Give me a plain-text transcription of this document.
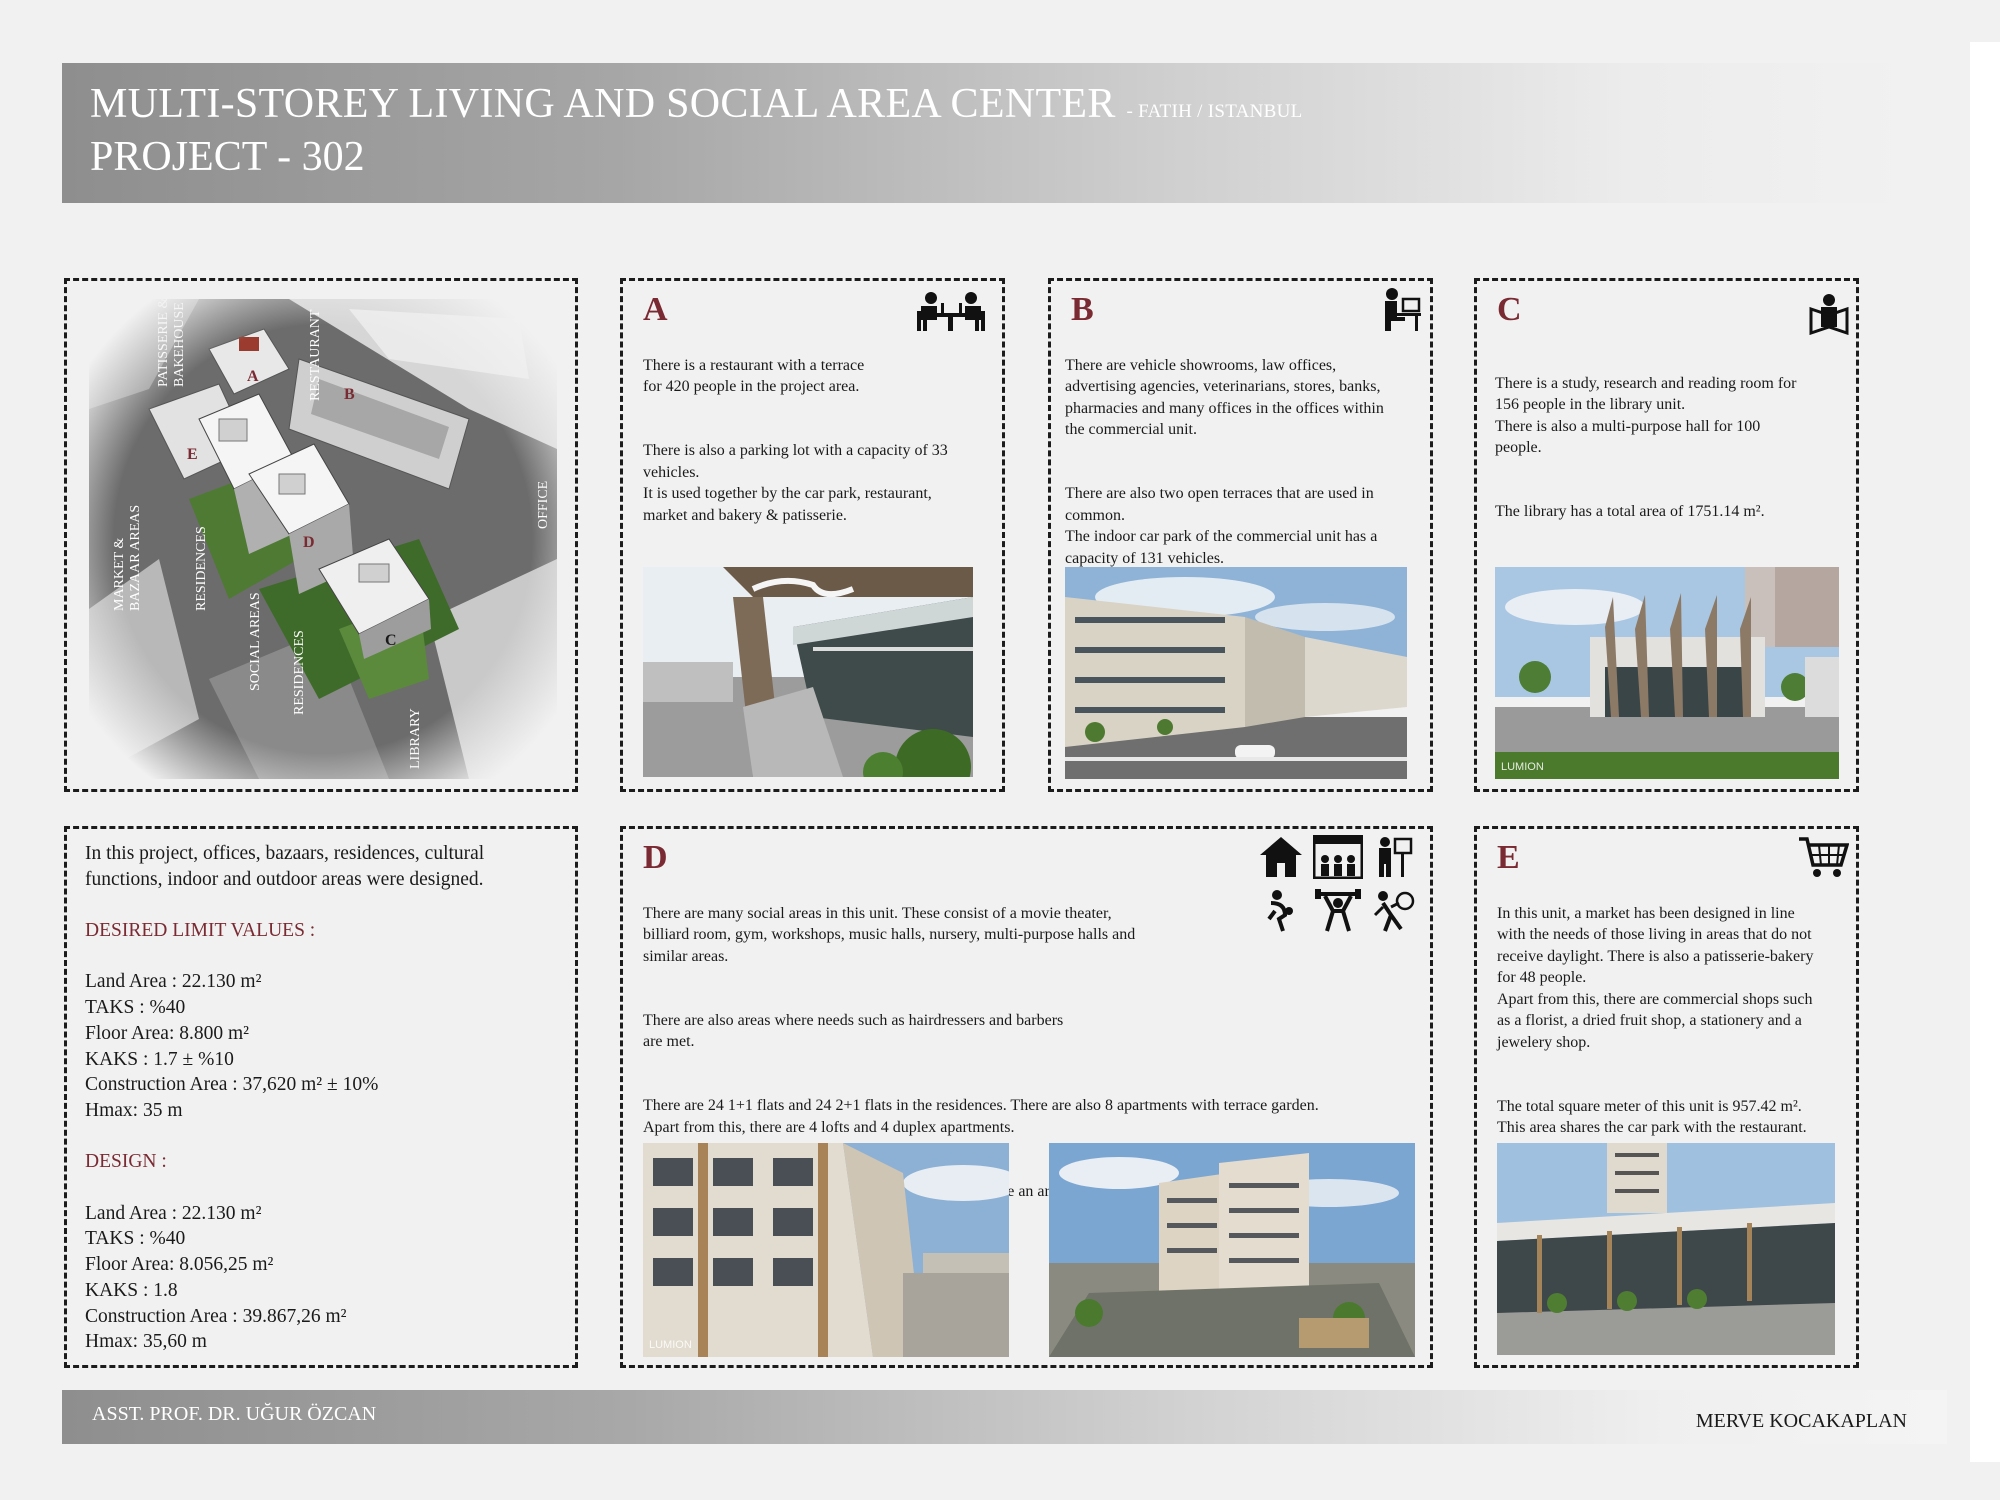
MULTI-STOREY LIVING AND SOCIAL AREA CENTER - FATIH / ISTANBUL
PROJECT - 302
A

There is a restaurant with a terrace
for 420 people in the project area.

There is also a parking lot with a capacity of 33
vehicles.
It is used together by the car park, restaurant,
market and bakery & patisserie.

B

There are vehicle showrooms, law offices,
advertising agencies, veterinarians, stores, banks,
pharmacies and many offices in the offices within
the commercial unit.

There are also two open terraces that are used in
common.
The indoor car park of the commercial unit has a
capacity of 131 vehicles.

C

There is a study, research and reading room for
156 people in the library unit.
There is also a multi-purpose hall for 100
people.

The library has a total area of 1751.14 m².

LUMION
In this project, offices, bazaars, residences, cultural
functions, indoor and outdoor areas were designed.
DESIRED LIMIT VALUES :
Land Area : 22.130 m²
TAKS : %40
Floor Area: 8.800 m²
KAKS : 1.7 ± %10
Construction Area : 37,620 m² ± 10%
Hmax: 35 m
DESIGN :
Land Area : 22.130 m²
TAKS : %40
Floor Area: 8.056,25 m²
KAKS : 1.8
Construction Area : 39.867,26 m²
Hmax: 35,60 m
D

There are many social areas in this unit. These consist of a movie theater,
billiard room, gym, workshops, music halls, nursery, multi-purpose halls and
similar areas.

There are also areas where needs such as hairdressers and barbers
are met.

There are 24 1+1 flats and 24 2+1 flats in the residences. There are also 8 apartments with terrace garden.
Apart from this, there are 4 lofts and 4 duplex apartments.

an

LUMION
E

In this unit, a market has been designed in line
with the needs of those living in areas that do not
receive daylight. There is also a patisserie-bakery
for 48 people.
Apart from this, there are commercial shops such
as a florist, a dried fruit shop, a stationery and a
jewelery shop.

The total square meter of this unit is 957.42 m².
This area shares the car park with the restaurant.

ASST. PROF. DR. UĞUR ÖZCAN	MERVE KOCAKAPLAN
